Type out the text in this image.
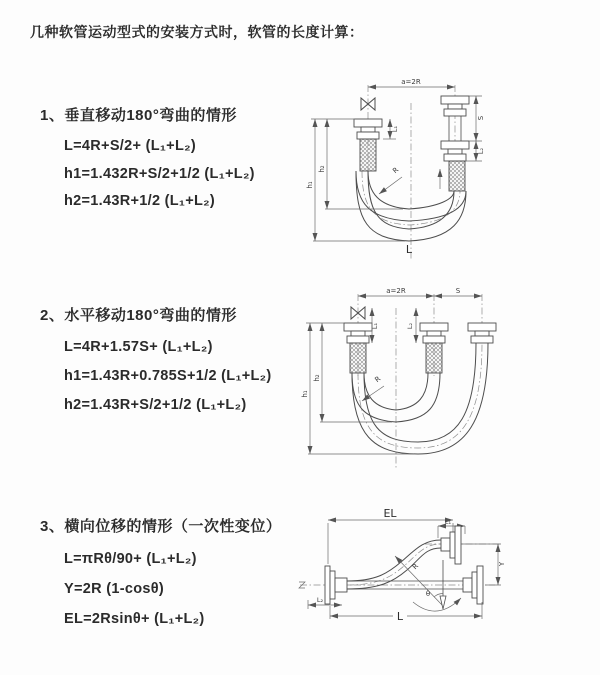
几种软管运动型式的安装方式时，软管的长度计算：
1、垂直移动180°弯曲的情形
L=4R+S/2+ (L₁+L₂)
h1=1.432R+S/2+1/2 (L₁+L₂)
h2=1.43R+1/2 (L₁+L₂)
2、水平移动180°弯曲的情形
L=4R+1.57S+ (L₁+L₂)
h1=1.43R+0.785S+1/2 (L₁+L₂)
h2=1.43R+S/2+1/2 (L₁+L₂)
3、横向位移的情形（一次性变位）
L=πRθ/90+ (L₁+L₂)
Y=2R (1-cosθ)
EL=2Rsinθ+ (L₁+L₂)
a=2R
h₁
h₂
L₁
S
L₂
R
L
a=2R	S
h₁
h₂
L₁	L₂
R
EL
L₁
Y
R
θ
L
L₂
